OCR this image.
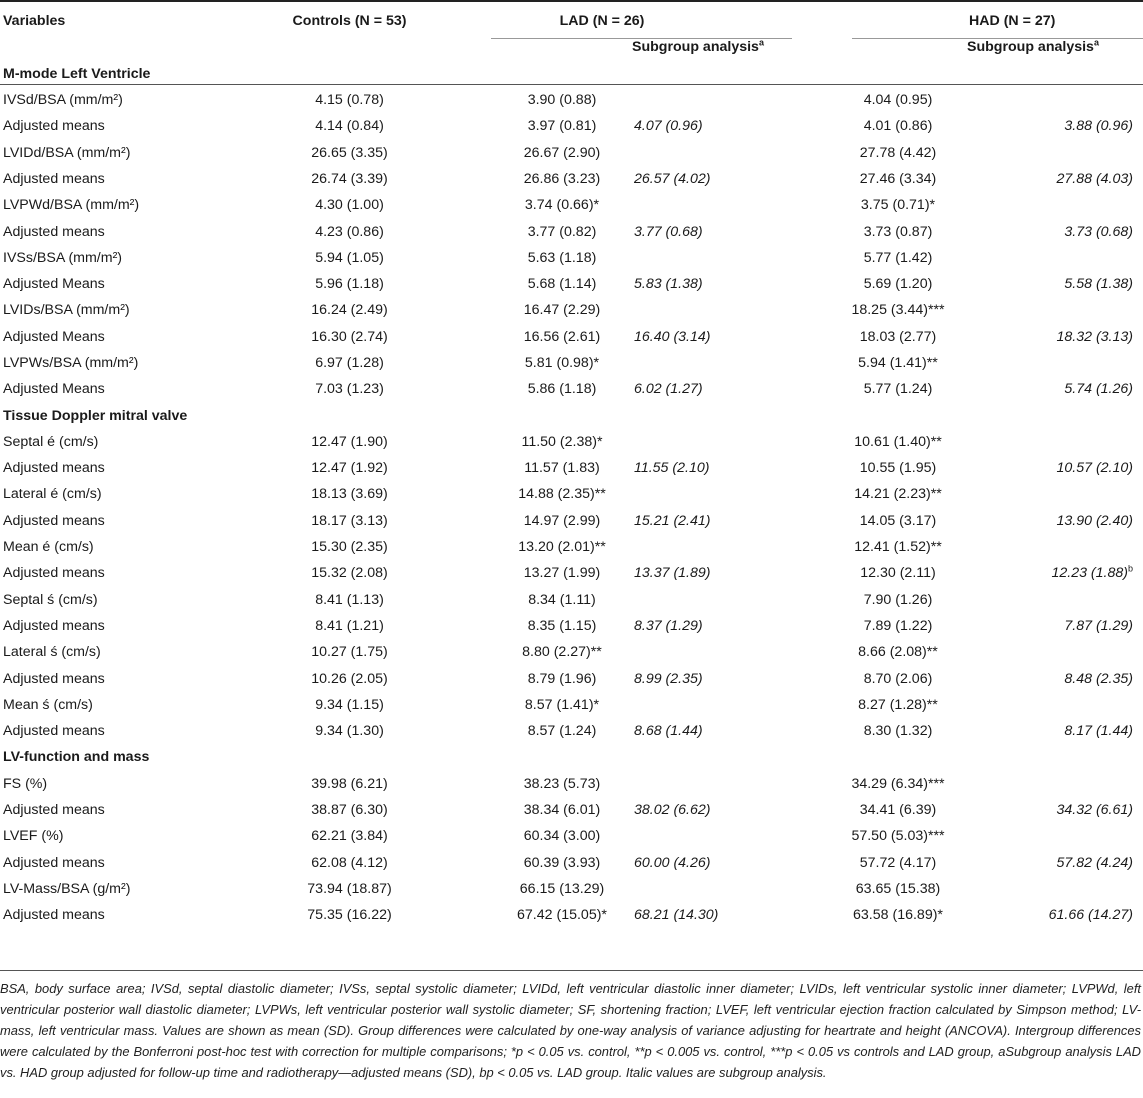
Variables	Controls (N = 53)		LAD (N = 26)			HAD (N = 27)	
				Subgroup analysis$^a$			Subgroup analysis$^a$
M-mode Left Ventricle							
IVSd/BSA (mm/m²)	4.15 (0.78)		3.90 (0.88)			4.04 (0.95)	
Adjusted means	4.14 (0.84)		3.97 (0.81)	4.07 (0.96)		4.01 (0.86)	3.88 (0.96)
LVIDd/BSA (mm/m²)	26.65 (3.35)		26.67 (2.90)			27.78 (4.42)	
Adjusted means	26.74 (3.39)		26.86 (3.23)	26.57 (4.02)		27.46 (3.34)	27.88 (4.03)
LVPWd/BSA (mm/m²)	4.30 (1.00)		3.74 (0.66)*			3.75 (0.71)*	
Adjusted means	4.23 (0.86)		3.77 (0.82)	3.77 (0.68)		3.73 (0.87)	3.73 (0.68)
IVSs/BSA (mm/m²)	5.94 (1.05)		5.63 (1.18)			5.77 (1.42)	
Adjusted Means	5.96 (1.18)		5.68 (1.14)	5.83 (1.38)		5.69 (1.20)	5.58 (1.38)
LVIDs/BSA (mm/m²)	16.24 (2.49)		16.47 (2.29)			18.25 (3.44)***	
Adjusted Means	16.30 (2.74)		16.56 (2.61)	16.40 (3.14)		18.03 (2.77)	18.32 (3.13)
LVPWs/BSA (mm/m²)	6.97 (1.28)		5.81 (0.98)*			5.94 (1.41)**	
Adjusted Means	7.03 (1.23)		5.86 (1.18)	6.02 (1.27)		5.77 (1.24)	5.74 (1.26)
Tissue Doppler mitral valve							
Septal é (cm/s)	12.47 (1.90)		11.50 (2.38)*			10.61 (1.40)**	
Adjusted means	12.47 (1.92)		11.57 (1.83)	11.55 (2.10)		10.55 (1.95)	10.57 (2.10)
Lateral é (cm/s)	18.13 (3.69)		14.88 (2.35)**			14.21 (2.23)**	
Adjusted means	18.17 (3.13)		14.97 (2.99)	15.21 (2.41)		14.05 (3.17)	13.90 (2.40)
Mean é (cm/s)	15.30 (2.35)		13.20 (2.01)**			12.41 (1.52)**	
Adjusted means	15.32 (2.08)		13.27 (1.99)	13.37 (1.89)		12.30 (2.11)	12.23 $(1.88)^b$
Septal ś (cm/s)	8.41 (1.13)		8.34 (1.11)			7.90 (1.26)	
Adjusted means	8.41 (1.21)		8.35 (1.15)	8.37 (1.29)		7.89 (1.22)	7.87 (1.29)
Lateral ś (cm/s)	10.27 (1.75)		8.80 (2.27)**			8.66 (2.08)**	
Adjusted means	10.26 (2.05)		8.79 (1.96)	8.99 (2.35)		8.70 (2.06)	8.48 (2.35)
Mean ś (cm/s)	9.34 (1.15)		8.57 (1.41)*			8.27 (1.28)**	
Adjusted means	9.34 (1.30)		8.57 (1.24)	8.68 (1.44)		8.30 (1.32)	8.17 (1.44)
LV-function and mass							
FS (%)	39.98 (6.21)		38.23 (5.73)			34.29 (6.34)***	
Adjusted means	38.87 (6.30)		38.34 (6.01)	38.02 (6.62)		34.41 (6.39)	34.32 (6.61)
LVEF (%)	62.21 (3.84)		60.34 (3.00)			57.50 (5.03)***	
Adjusted means	62.08 (4.12)		60.39 (3.93)	60.00 (4.26)		57.72 (4.17)	57.82 (4.24)
LV-Mass/BSA (g/m²)	73.94 (18.87)		66.15 (13.29)			63.65 (15.38)	
Adjusted means	75.35 (16.22)		67.42 (15.05)*	68.21 (14.30)		63.58 (16.89)*	61.66 (14.27)
BSA, body surface area; IVSd, septal diastolic diameter; IVSs, septal systolic diameter; LVIDd, left ventricular diastolic inner diameter; LVIDs, left ventricular systolic inner diameter; LVPWd, left ventricular posterior wall diastolic diameter; LVPWs, left ventricular posterior wall systolic diameter; SF, shortening fraction; LVEF, left ventricular ejection fraction calculated by Simpson method; LV-mass, left ventricular mass. Values are shown as mean (SD). Group differences were calculated by one-way analysis of variance adjusting for heartrate and height (ANCOVA). Intergroup differences were calculated by the Bonferroni post-hoc test with correction for multiple comparisons; *p < 0.05 vs. control, **p < 0.005 vs. control, ***p < 0.05 vs controls and LAD group, aSubgroup analysis LAD vs. HAD group adjusted for follow-up time and radiotherapy—adjusted means (SD), bp < 0.05 vs. LAD group. Italic values are subgroup analysis.
